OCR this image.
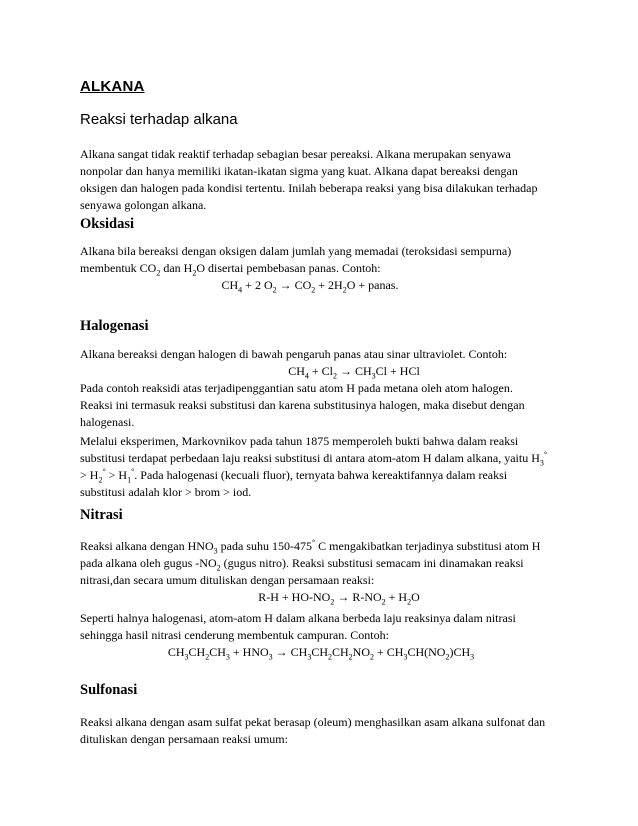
ALKANA
Reaksi terhadap alkana
Alkana sangat tidak reaktif terhadap sebagian besar pereaksi. Alkana merupakan senyawa
nonpolar dan hanya memiliki ikatan-ikatan sigma yang kuat. Alkana dapat bereaksi dengan
oksigen dan halogen pada kondisi tertentu. Inilah beberapa reaksi yang bisa dilakukan terhadap
senyawa golongan alkana.
Oksidasi
Alkana bila bereaksi dengan oksigen dalam jumlah yang memadai (teroksidasi sempurna)
membentuk $CO_2$ dan $H_2O$ disertai pembebasan panas. Contoh:
$CH_4 + 2$ $O_2 \to CO_2 + 2H_2O$ + panas.
Halogenasi
Alkana bereaksi dengan halogen di bawah pengaruh panas atau sinar ultraviolet. Contoh:
$CH_4 + Cl_2 \to CH_3Cl$ + HCl
Pada contoh reaksidi atas terjadipenggantian satu atom H pada metana oleh atom halogen.
Reaksi ini termasuk reaksi substitusi dan karena substitusinya halogen, maka disebut dengan
halogenasi.
Melalui eksperimen, Markovnikov pada tahun 1875 memperoleh bukti bahwa dalam reaksi
substitusi terdapat perbedaan laju reaksi substitusi di antara atom-atom H dalam alkana, yaitu $H_3^\circ$
> $H_2^\circ > H_1^\circ$. Pada halogenasi (kecuali fluor), ternyata bahwa kereaktifannya dalam reaksi
substitusi adalah klor > brom > iod.
Nitrasi
Reaksi alkana dengan $HNO_3$ pada suhu 150-475° C mengakibatkan terjadinya substitusi atom H
pada alkana oleh gugus $-NO_2$ (gugus nitro). Reaksi substitusi semacam ini dinamakan reaksi
nitrasi,dan secara umum dituliskan dengan persamaan reaksi:
$R-H + HO-NO_2 \to R-NO_2 + H_2O$
Seperti halnya halogenasi, atom-atom H dalam alkana berbeda laju reaksinya dalam nitrasi
sehingga hasil nitrasi cenderung membentuk campuran. Contoh:
$CH_3CH_2CH_3 + HNO_3 \to CH_3CH_2CH_2NO_2 + CH_3CH(NO_2)CH_3$
Sulfonasi
Reaksi alkana dengan asam sulfat pekat berasap (oleum) menghasilkan asam alkana sulfonat dan
dituliskan dengan persamaan reaksi umum:
